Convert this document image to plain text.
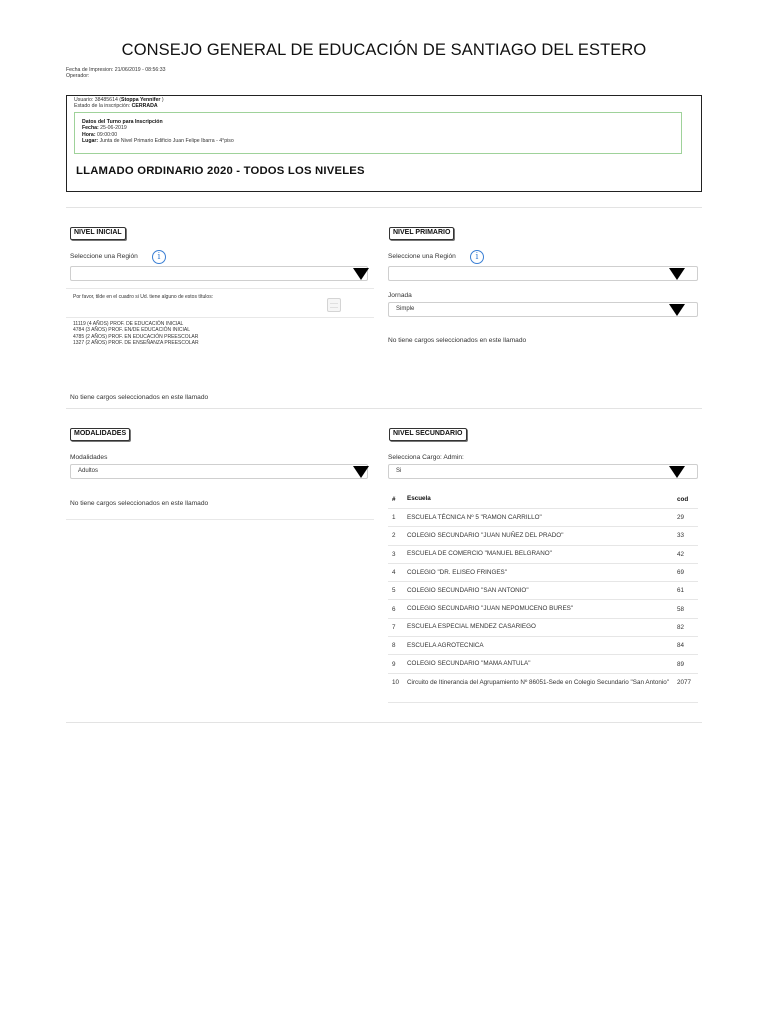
CONSEJO GENERAL DE EDUCACIÓN DE SANTIAGO DEL ESTERO
Fecha de Impresion: 21/06/2019 - 08:56:33
Operador:
Usuario: 38485614 (Stoppa Yennifer )
Estado de la inscripción: CERRADA
Datos del Turno para Inscripción
Fecha: 25-06-2019
Hora: 09:00:00
Lugar: Junta de Nivel Primario Edificio Juan Felipe Ibarra - 4°piso
LLAMADO ORDINARIO 2020 - TODOS LOS NIVELES
NIVEL INICIAL
Seleccione una Región	i
Por favor, tilde en el cuadro si Ud. tiene alguno de estos títulos:
11119 (4 AÑOS) PROF. DE EDUCACIÓN INICIAL
4784 (3 AÑOS) PROF. EN/DE EDUCACIÓN INICIAL
4785 (2 AÑOS) PROF. EN EDUCACIÓN PREESCOLAR
1327 (2 AÑOS) PROF. DE ENSEÑANZA PREESCOLAR
No tiene cargos seleccionados en este llamado
NIVEL PRIMARIO
Seleccione una Región	i
Jornada
Simple
No tiene cargos seleccionados en este llamado
MODALIDADES
Modalidades
Adultos
No tiene cargos seleccionados en este llamado
NIVEL SECUNDARIO
Selecciona Cargo: Admin:
Si
#	Escuela	cod
1	ESCUELA TÉCNICA Nº 5 "RAMON CARRILLO"	29
2	COLEGIO SECUNDARIO "JUAN NUÑEZ DEL PRADO"	33
3	ESCUELA DE COMERCIO "MANUEL BELGRANO"	42
4	COLEGIO "DR. ELISEO FRINGES"	69
5	COLEGIO SECUNDARIO "SAN ANTONIO"	61
6	COLEGIO SECUNDARIO "JUAN NEPOMUCENO BURES"	58
7	ESCUELA ESPECIAL MENDEZ CASARIEGO	82
8	ESCUELA AGROTECNICA	84
9	COLEGIO SECUNDARIO "MAMA ANTULA"	89
10	Circuito de Itinerancia del Agrupamiento Nº 86051-Sede en Colegio Secundario "San Antonio"	2077
